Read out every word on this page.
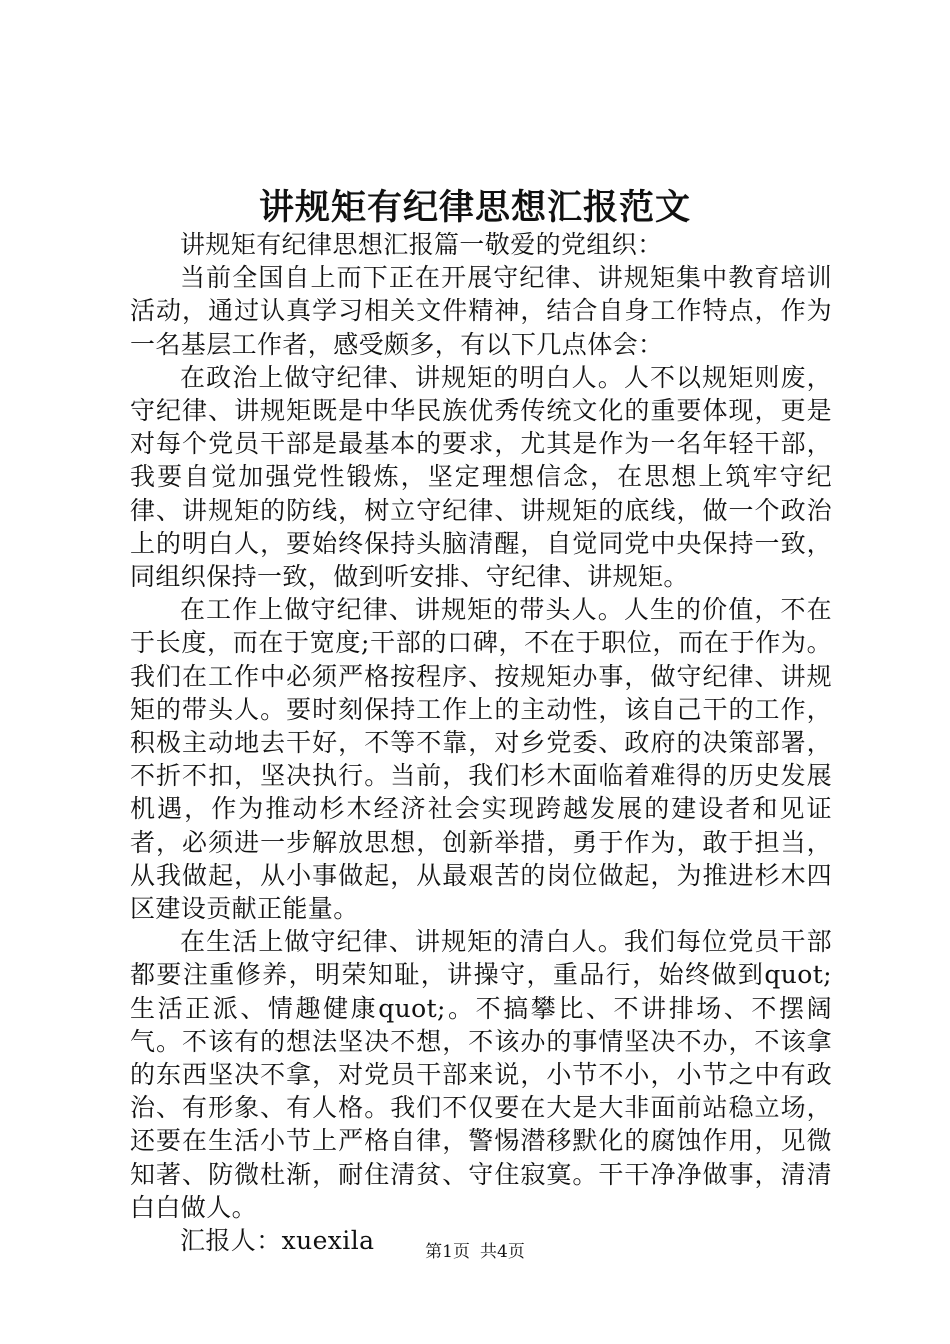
讲规矩有纪律思想汇报范文

讲规矩有纪律思想汇报篇一敬爱的党组织：

当前全国自上而下正在开展守纪律、讲规矩集中教育培训活动，通过认真学习相关文件精神，结合自身工作特点，作为一名基层工作者，感受颇多，有以下几点体会：

在政治上做守纪律、讲规矩的明白人。人不以规矩则废，守纪律、讲规矩既是中华民族优秀传统文化的重要体现，更是对每个党员干部是最基本的要求，尤其是作为一名年轻干部，我要自觉加强党性锻炼，坚定理想信念，在思想上筑牢守纪律、讲规矩的防线，树立守纪律、讲规矩的底线，做一个政治上的明白人，要始终保持头脑清醒，自觉同党中央保持一致，同组织保持一致，做到听安排、守纪律、讲规矩。

在工作上做守纪律、讲规矩的带头人。人生的价值，不在于长度，而在于宽度;干部的口碑，不在于职位，而在于作为。我们在工作中必须严格按程序、按规矩办事，做守纪律、讲规矩的带头人。要时刻保持工作上的主动性，该自己干的工作，积极主动地去干好，不等不靠，对乡党委、政府的决策部署，不折不扣，坚决执行。当前，我们杉木面临着难得的历史发展机遇，作为推动杉木经济社会实现跨越发展的建设者和见证者，必须进一步解放思想，创新举措，勇于作为，敢于担当，从我做起，从小事做起，从最艰苦的岗位做起，为推进杉木四区建设贡献正能量。

在生活上做守纪律、讲规矩的清白人。我们每位党员干部都要注重修养，明荣知耻，讲操守，重品行，始终做到quot;生活正派、情趣健康quot;。不搞攀比、不讲排场、不摆阔气。不该有的想法坚决不想，不该办的事情坚决不办，不该拿的东西坚决不拿，对党员干部来说，小节不小，小节之中有政治、有形象、有人格。我们不仅要在大是大非面前站稳立场，还要在生活小节上严格自律，警惕潜移默化的腐蚀作用，见微知著、防微杜渐，耐住清贫、守住寂寞。干干净净做事，清清白白做人。

汇报人：xuexila	第1页 共4页
